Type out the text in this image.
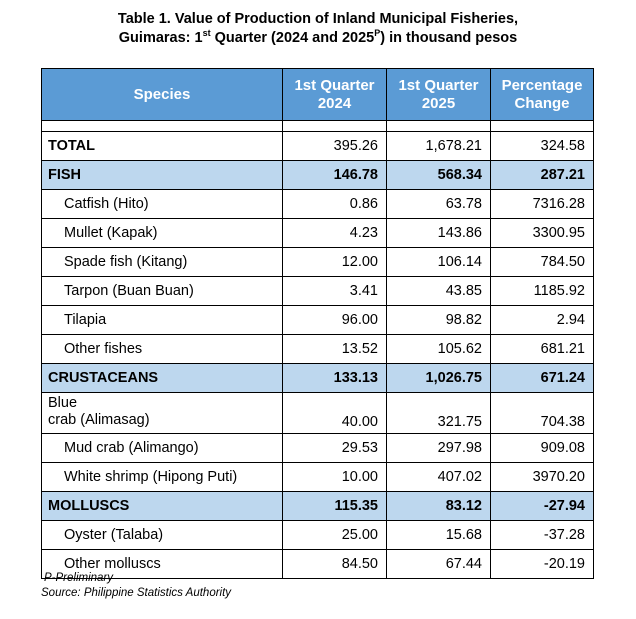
Table 1. Value of Production of Inland Municipal Fisheries,
Guimaras: 1st Quarter (2024 and $2025^P$) in thousand pesos
Species	1st Quarter 2024	1st Quarter 2025	Percentage Change

TOTAL	395.26	1,678.21	324.58
FISH	146.78	568.34	287.21
Catfish (Hito)	0.86	63.78	7316.28
Mullet (Kapak)	4.23	143.86	3300.95
Spade fish (Kitang)	12.00	106.14	784.50
Tarpon (Buan Buan)	3.41	43.85	1185.92
Tilapia	96.00	98.82	2.94
Other fishes	13.52	105.62	681.21
CRUSTACEANS	133.13	1,026.75	671.24

Blue
crab (Alimasag)	40.00	321.75	704.38
Mud crab (Alimango)	29.53	297.98	909.08
White shrimp (Hipong Puti)	10.00	407.02	3970.20
MOLLUSCS	115.35	83.12	-27.94
Oyster (Talaba)	25.00	15.68	-37.28
Other molluscs	84.50	67.44	-20.19
P-Preliminary
Source: Philippine Statistics Authority
